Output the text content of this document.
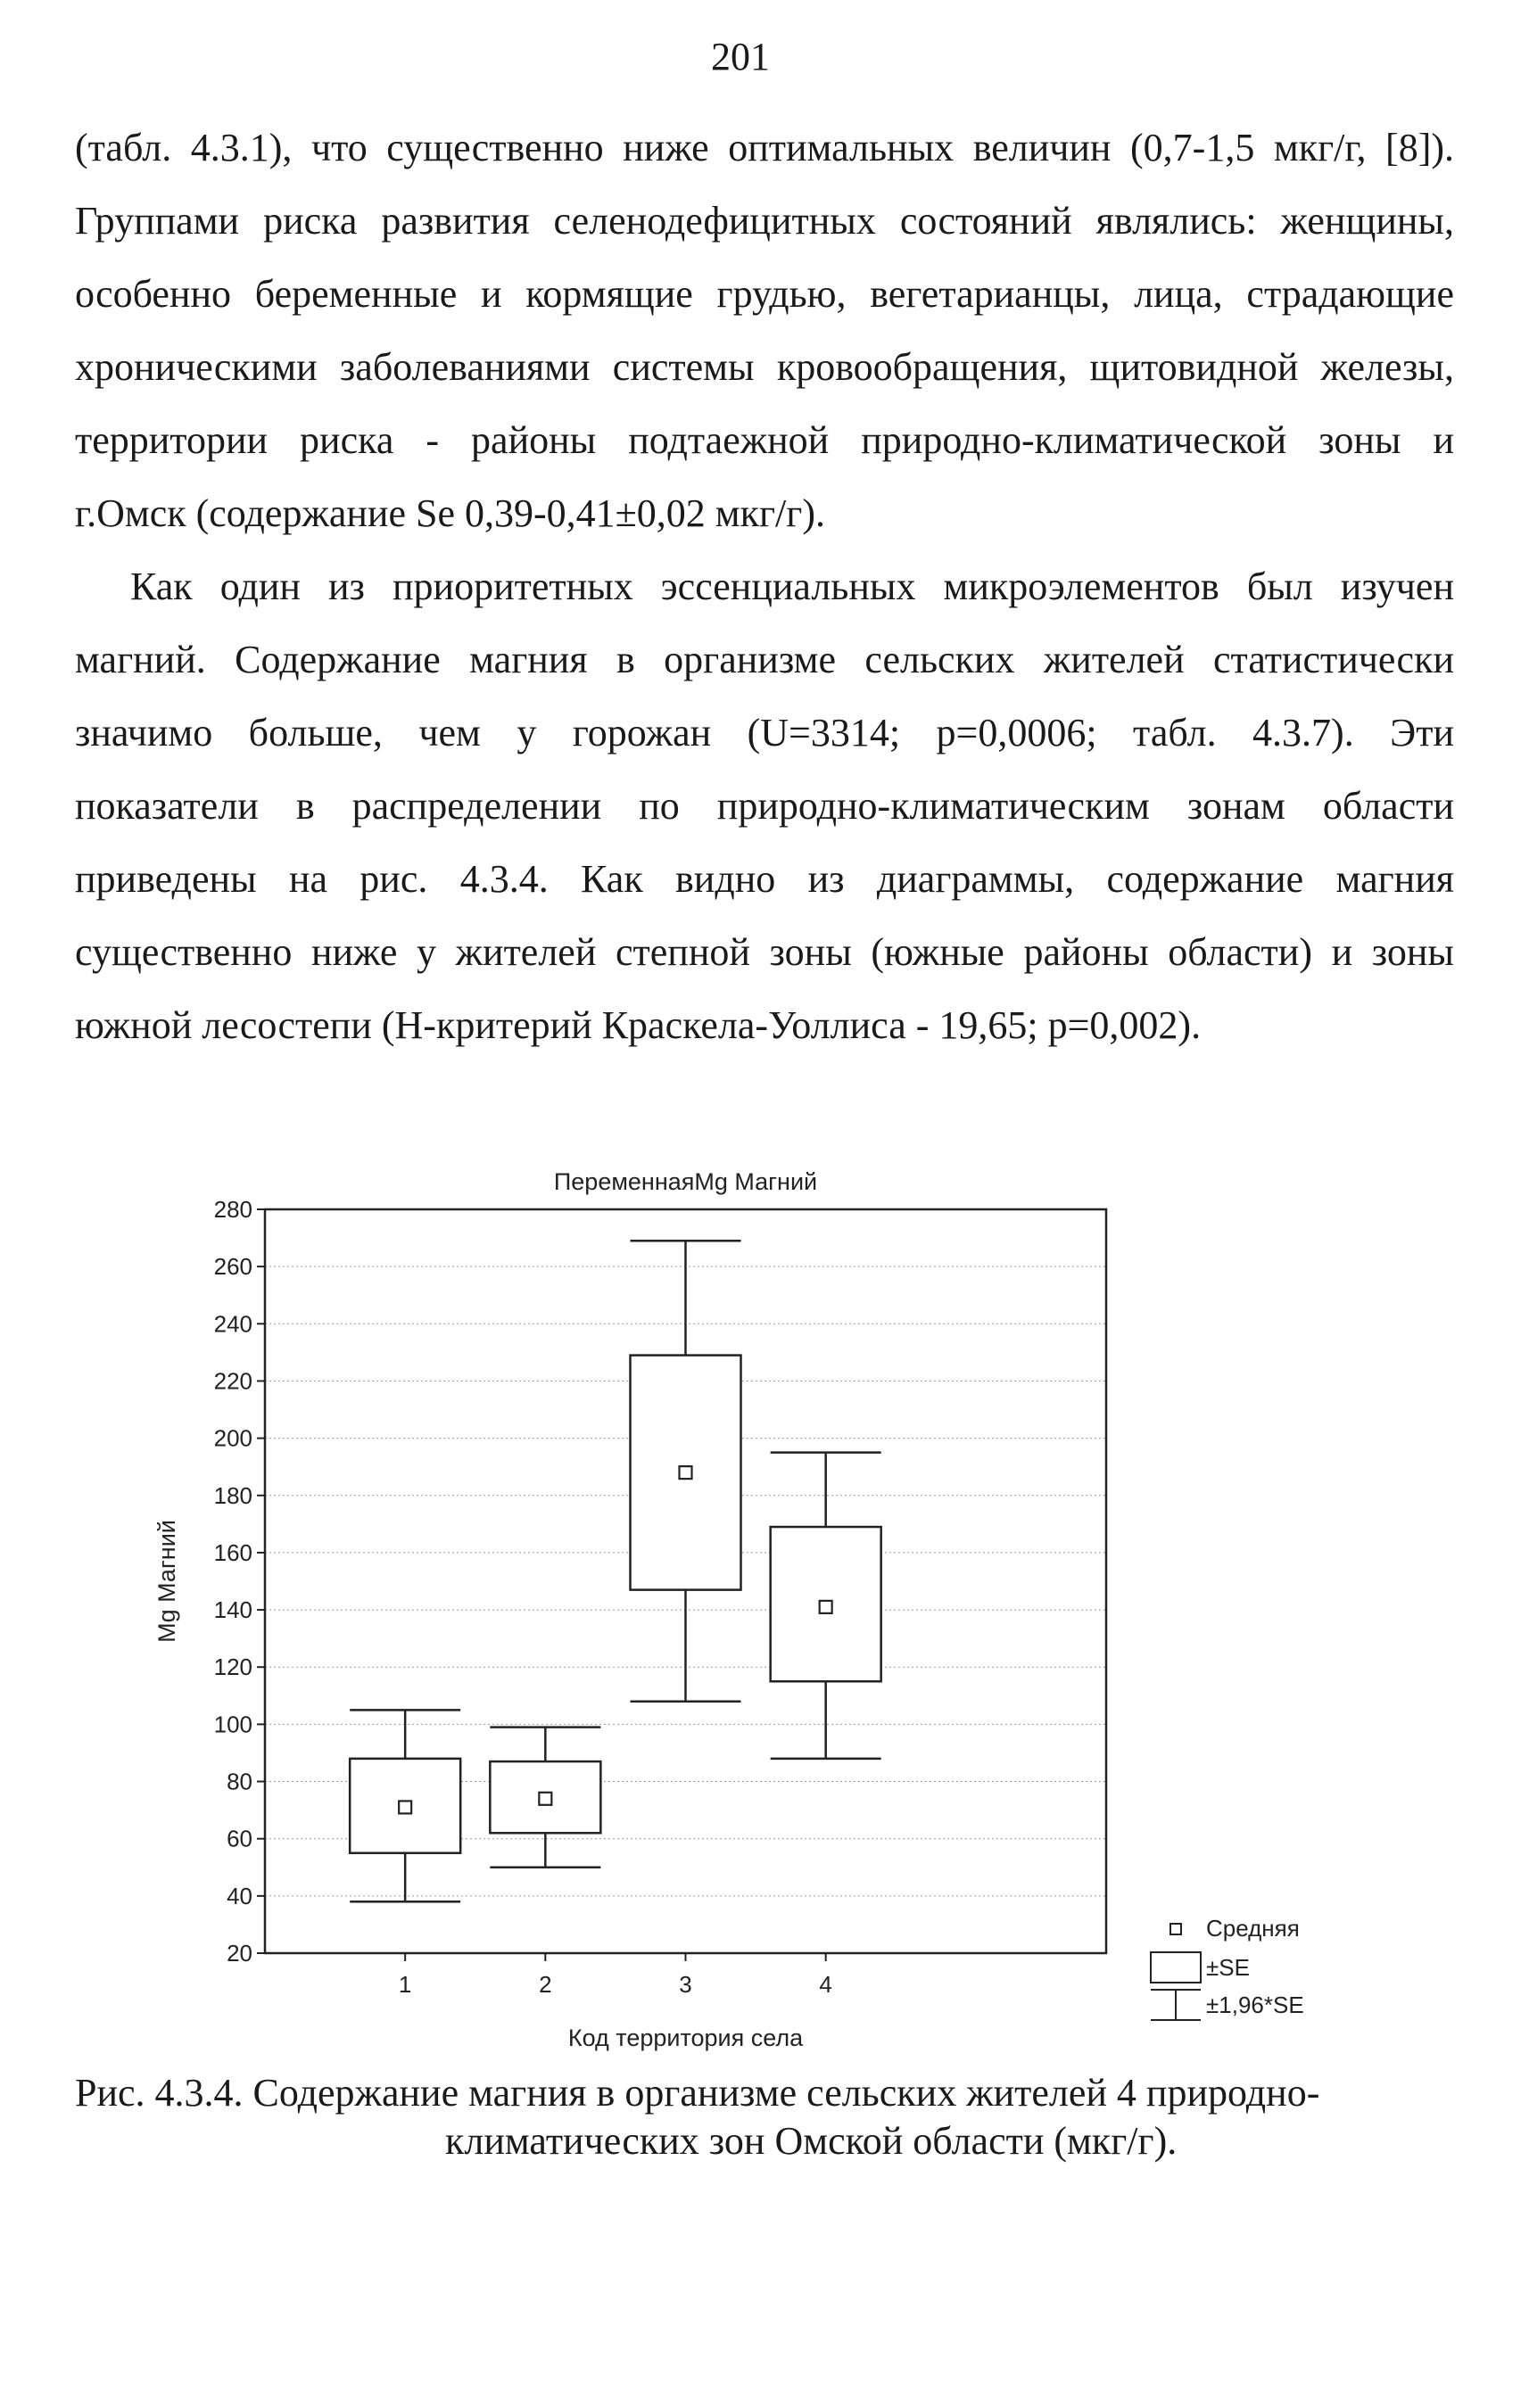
201
(табл. 4.3.1), что существенно ниже оптимальных величин (0,7-1,5 мкг/г, [8]).
Группами риска развития селенодефицитных состояний являлись: женщины,
особенно беременные и кормящие грудью, вегетарианцы, лица, страдающие
хроническими заболеваниями системы кровообращения, щитовидной железы,
территории риска - районы подтаежной природно-климатической зоны и
г.Омск (содержание Se 0,39-0,41±0,02 мкг/г).
Как один из приоритетных эссенциальных микроэлементов был изучен
магний. Содержание магния в организме сельских жителей статистически
значимо больше, чем у горожан (U=3314; p=0,0006; табл. 4.3.7). Эти
показатели в распределении по природно-климатическим зонам области
приведены на рис. 4.3.4. Как видно из диаграммы, содержание магния
существенно ниже у жителей степной зоны (южные районы области) и зоны
южной лесостепи (Н-критерий Краскела-Уоллиса - 19,65; p=0,002).
ПеременнаяMg Магний
20
40
60
80
100
120
140
160
180
200
220
240
260
280
1	2	3	4
Код территория села
Mg Магний
Средняя
±SE
±1,96*SE
Рис. 4.3.4. Содержание магния в организме сельских жителей 4 природно-
климатических зон Омской области (мкг/г).
